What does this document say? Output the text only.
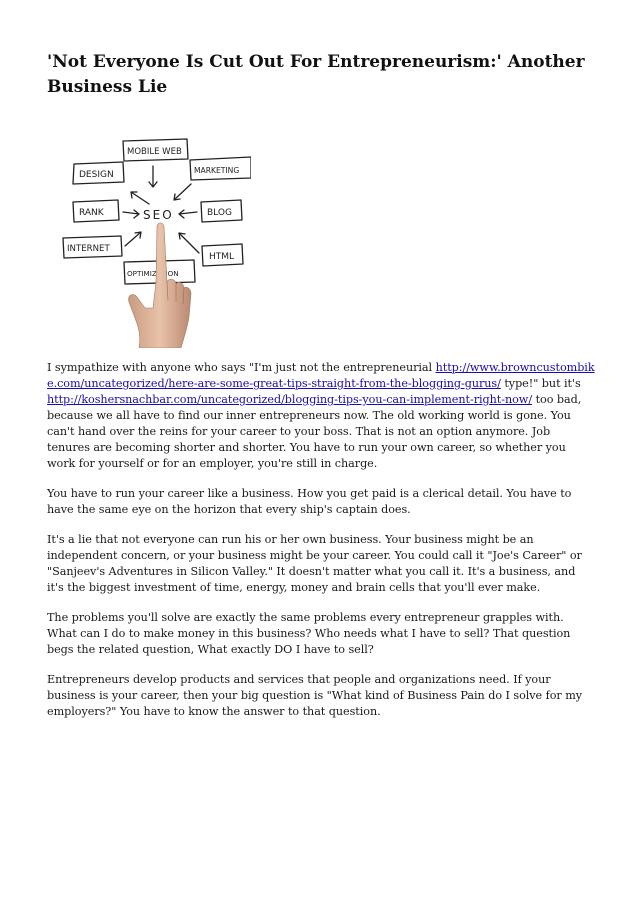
'Not Everyone Is Cut Out For Entrepreneurism:' Another Business Lie
DESIGN
MOBILE WEB
MARKETING
RANK	SEO	BLOG
INTERNET
HTML
OPTIMIZATION

I sympathize with anyone who says "I'm just not the entrepreneurial http://www.browncustombike.com/uncategorized/here-are-some-great-tips-straight-from-the-blogging-gurus/ type!" but it's
http://koshersnachbar.com/uncategorized/blogging-tips-you-can-implement-right-now/ too bad, because we all have to find our inner entrepreneurs now. The old working world is gone. You can't hand over the reins for your career to your boss. That is not an option anymore. Job tenures are becoming shorter and shorter. You have to run your own career, so whether you work for yourself or for an employer, you're still in charge.

You have to run your career like a business. How you get paid is a clerical detail. You have to have the same eye on the horizon that every ship's captain does.

It's a lie that not everyone can run his or her own business. Your business might be an independent concern, or your business might be your career. You could call it "Joe's Career" or "Sanjeev's Adventures in Silicon Valley." It doesn't matter what you call it. It's a business, and it's the biggest investment of time, energy, money and brain cells that you'll ever make.

The problems you'll solve are exactly the same problems every entrepreneur grapples with. What can I do to make money in this business? Who needs what I have to sell? That question begs the related question, What exactly DO I have to sell?

Entrepreneurs develop products and services that people and organizations need. If your business is your career, then your big question is "What kind of Business Pain do I solve for my employers?" You have to know the answer to that question.
